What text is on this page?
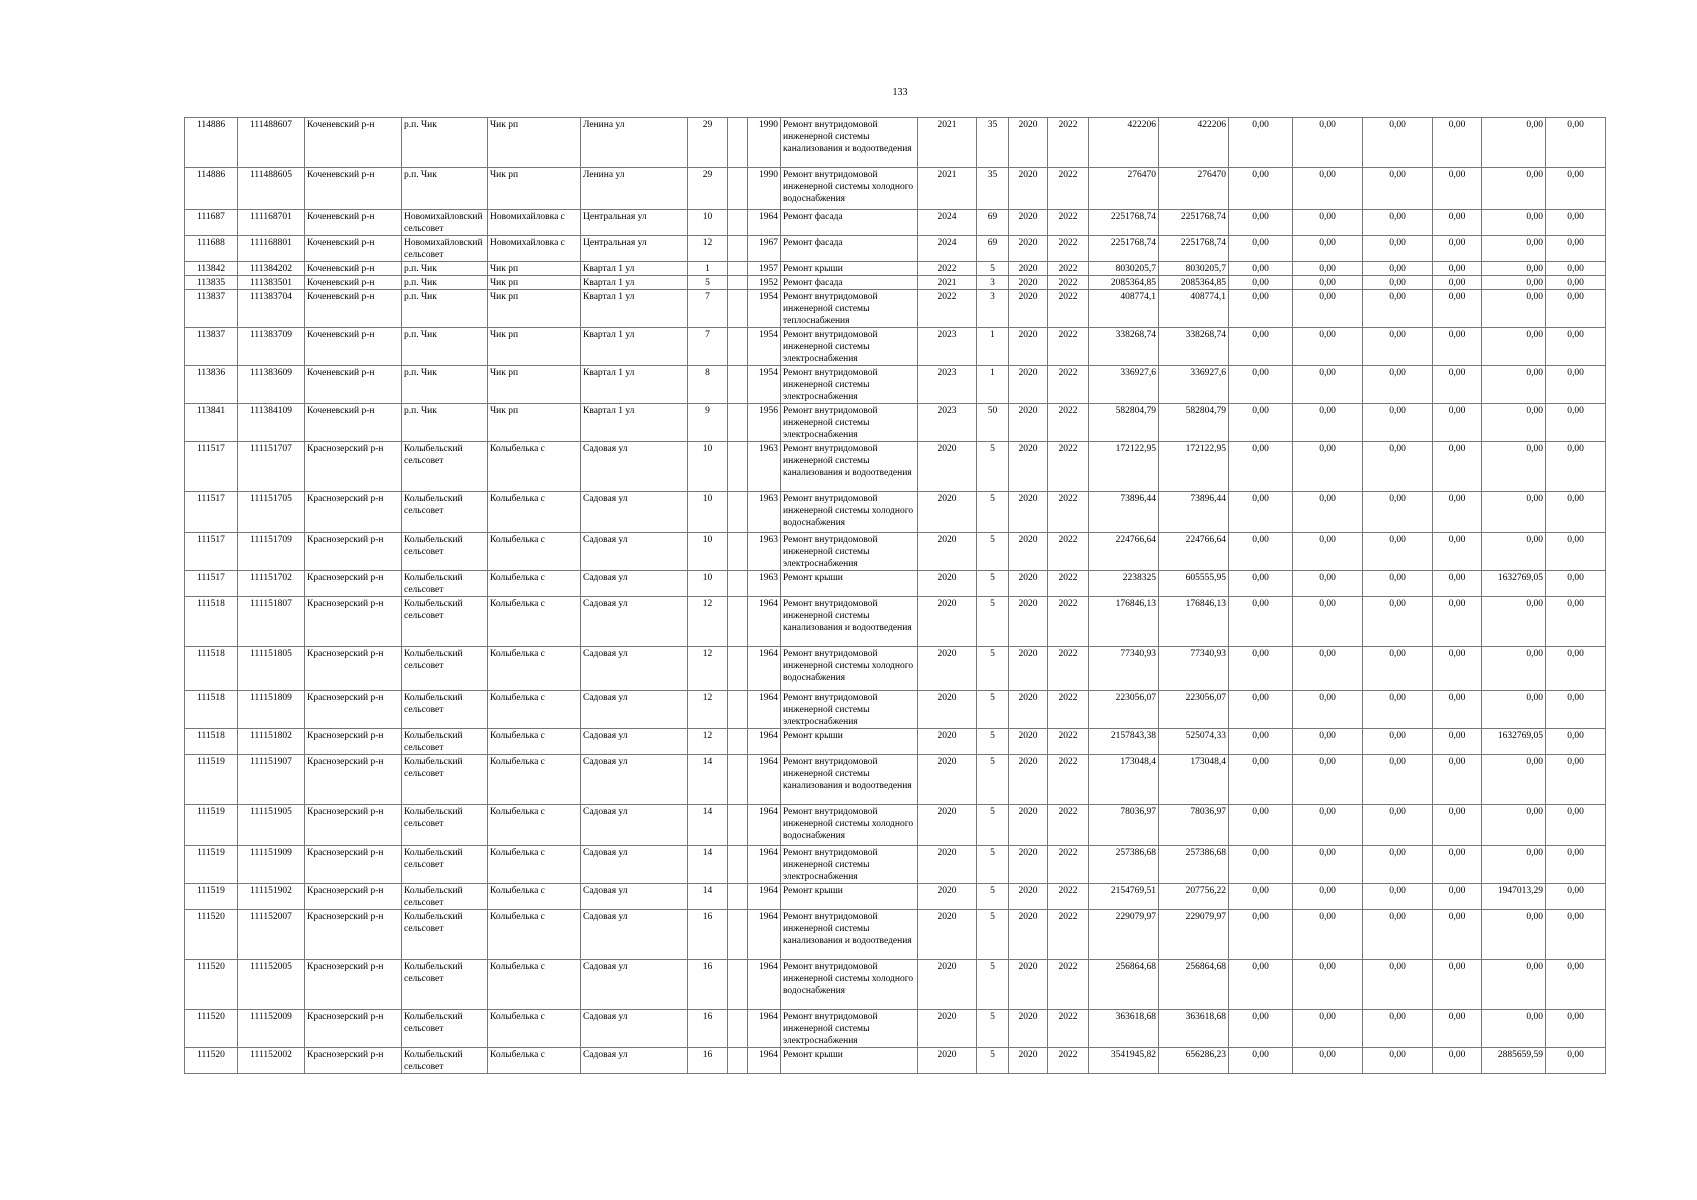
133
114886	111488607	Коченевский р-н	р.п. Чик	Чик рп	Ленина ул	29		1990	Ремонт внутридомовой инженерной системы канализования и водоотведения	2021	35	2020	2022	422206	422206	0,00	0,00	0,00	0,00	0,00	0,00
114886	111488605	Коченевский р-н	р.п. Чик	Чик рп	Ленина ул	29		1990	Ремонт внутридомовой инженерной системы холодного водоснабжения	2021	35	2020	2022	276470	276470	0,00	0,00	0,00	0,00	0,00	0,00
111687	111168701	Коченевский р-н	Новомихайловский сельсовет	Новомихайловка с	Центральная ул	10		1964	Ремонт фасада	2024	69	2020	2022	2251768,74	2251768,74	0,00	0,00	0,00	0,00	0,00	0,00
111688	111168801	Коченевский р-н	Новомихайловский сельсовет	Новомихайловка с	Центральная ул	12		1967	Ремонт фасада	2024	69	2020	2022	2251768,74	2251768,74	0,00	0,00	0,00	0,00	0,00	0,00
113842	111384202	Коченевский р-н	р.п. Чик	Чик рп	Квартал 1 ул	1		1957	Ремонт крыши	2022	5	2020	2022	8030205,7	8030205,7	0,00	0,00	0,00	0,00	0,00	0,00
113835	111383501	Коченевский р-н	р.п. Чик	Чик рп	Квартал 1 ул	5		1952	Ремонт фасада	2021	3	2020	2022	2085364,85	2085364,85	0,00	0,00	0,00	0,00	0,00	0,00
113837	111383704	Коченевский р-н	р.п. Чик	Чик рп	Квартал 1 ул	7		1954	Ремонт внутридомовой инженерной системы теплоснабжения	2022	3	2020	2022	408774,1	408774,1	0,00	0,00	0,00	0,00	0,00	0,00
113837	111383709	Коченевский р-н	р.п. Чик	Чик рп	Квартал 1 ул	7		1954	Ремонт внутридомовой инженерной системы электроснабжения	2023	1	2020	2022	338268,74	338268,74	0,00	0,00	0,00	0,00	0,00	0,00
113836	111383609	Коченевский р-н	р.п. Чик	Чик рп	Квартал 1 ул	8		1954	Ремонт внутридомовой инженерной системы электроснабжения	2023	1	2020	2022	336927,6	336927,6	0,00	0,00	0,00	0,00	0,00	0,00
113841	111384109	Коченевский р-н	р.п. Чик	Чик рп	Квартал 1 ул	9		1956	Ремонт внутридомовой инженерной системы электроснабжения	2023	50	2020	2022	582804,79	582804,79	0,00	0,00	0,00	0,00	0,00	0,00
111517	111151707	Краснозерский р-н	Колыбельский сельсовет	Колыбелька с	Садовая ул	10		1963	Ремонт внутридомовой инженерной системы канализования и водоотведения	2020	5	2020	2022	172122,95	172122,95	0,00	0,00	0,00	0,00	0,00	0,00
111517	111151705	Краснозерский р-н	Колыбельский сельсовет	Колыбелька с	Садовая ул	10		1963	Ремонт внутридомовой инженерной системы холодного водоснабжения	2020	5	2020	2022	73896,44	73896,44	0,00	0,00	0,00	0,00	0,00	0,00
111517	111151709	Краснозерский р-н	Колыбельский сельсовет	Колыбелька с	Садовая ул	10		1963	Ремонт внутридомовой инженерной системы электроснабжения	2020	5	2020	2022	224766,64	224766,64	0,00	0,00	0,00	0,00	0,00	0,00
111517	111151702	Краснозерский р-н	Колыбельский сельсовет	Колыбелька с	Садовая ул	10		1963	Ремонт крыши	2020	5	2020	2022	2238325	605555,95	0,00	0,00	0,00	0,00	1632769,05	0,00
111518	111151807	Краснозерский р-н	Колыбельский сельсовет	Колыбелька с	Садовая ул	12		1964	Ремонт внутридомовой инженерной системы канализования и водоотведения	2020	5	2020	2022	176846,13	176846,13	0,00	0,00	0,00	0,00	0,00	0,00
111518	111151805	Краснозерский р-н	Колыбельский сельсовет	Колыбелька с	Садовая ул	12		1964	Ремонт внутридомовой инженерной системы холодного водоснабжения	2020	5	2020	2022	77340,93	77340,93	0,00	0,00	0,00	0,00	0,00	0,00
111518	111151809	Краснозерский р-н	Колыбельский сельсовет	Колыбелька с	Садовая ул	12		1964	Ремонт внутридомовой инженерной системы электроснабжения	2020	5	2020	2022	223056,07	223056,07	0,00	0,00	0,00	0,00	0,00	0,00
111518	111151802	Краснозерский р-н	Колыбельский сельсовет	Колыбелька с	Садовая ул	12		1964	Ремонт крыши	2020	5	2020	2022	2157843,38	525074,33	0,00	0,00	0,00	0,00	1632769,05	0,00
111519	111151907	Краснозерский р-н	Колыбельский сельсовет	Колыбелька с	Садовая ул	14		1964	Ремонт внутридомовой инженерной системы канализования и водоотведения	2020	5	2020	2022	173048,4	173048,4	0,00	0,00	0,00	0,00	0,00	0,00
111519	111151905	Краснозерский р-н	Колыбельский сельсовет	Колыбелька с	Садовая ул	14		1964	Ремонт внутридомовой инженерной системы холодного водоснабжения	2020	5	2020	2022	78036,97	78036,97	0,00	0,00	0,00	0,00	0,00	0,00
111519	111151909	Краснозерский р-н	Колыбельский сельсовет	Колыбелька с	Садовая ул	14		1964	Ремонт внутридомовой инженерной системы электроснабжения	2020	5	2020	2022	257386,68	257386,68	0,00	0,00	0,00	0,00	0,00	0,00
111519	111151902	Краснозерский р-н	Колыбельский сельсовет	Колыбелька с	Садовая ул	14		1964	Ремонт крыши	2020	5	2020	2022	2154769,51	207756,22	0,00	0,00	0,00	0,00	1947013,29	0,00
111520	111152007	Краснозерский р-н	Колыбельский сельсовет	Колыбелька с	Садовая ул	16		1964	Ремонт внутридомовой инженерной системы канализования и водоотведения	2020	5	2020	2022	229079,97	229079,97	0,00	0,00	0,00	0,00	0,00	0,00
111520	111152005	Краснозерский р-н	Колыбельский сельсовет	Колыбелька с	Садовая ул	16		1964	Ремонт внутридомовой инженерной системы холодного водоснабжения	2020	5	2020	2022	256864,68	256864,68	0,00	0,00	0,00	0,00	0,00	0,00
111520	111152009	Краснозерский р-н	Колыбельский сельсовет	Колыбелька с	Садовая ул	16		1964	Ремонт внутридомовой инженерной системы электроснабжения	2020	5	2020	2022	363618,68	363618,68	0,00	0,00	0,00	0,00	0,00	0,00
111520	111152002	Краснозерский р-н	Колыбельский сельсовет	Колыбелька с	Садовая ул	16		1964	Ремонт крыши	2020	5	2020	2022	3541945,82	656286,23	0,00	0,00	0,00	0,00	2885659,59	0,00
